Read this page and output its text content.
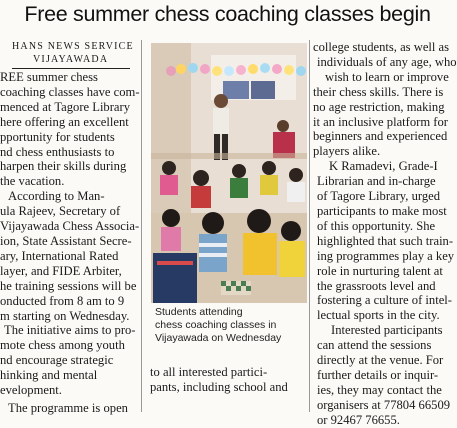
Free summer chess coaching classes begin
HANS NEWS SERVICE
VIJAYAWADA
REE summer chess
coaching classes have com-
menced at Tagore Library
here offering an excellent
pportunity for students
nd chess enthusiasts to
harpen their skills during
the vacation.
According to Man-
ula Rajeev, Secretary of
Vijayawada Chess Associa-
ion, State Assistant Secre-
ary, International Rated
layer, and FIDE Arbiter,
he training sessions will be
onducted from 8 am to 9
m starting on Wednesday.
The initiative aims to pro-
mote chess among youth
nd encourage strategic
hinking and mental
evelopment.
The programme is open
Students attending
chess coaching classes in
Vijayawada on Wednesday
to all interested partici-
pants, including school and
college students, as well as
individuals of any age, who
wish to learn or improve
their chess skills. There is
no age restriction, making
it an inclusive platform for
beginners and experienced
players alike.
K Ramadevi, Grade-I
Librarian and in-charge
of Tagore Library, urged
participants to make most
of this opportunity. She
highlighted that such train-
ing programmes play a key
role in nurturing talent at
the grassroots level and
fostering a culture of intel-
lectual sports in the city.
Interested participants
can attend the sessions
directly at the venue. For
further details or inquir-
ies, they may contact the
organisers at 77804 66509
or 92467 76655.
